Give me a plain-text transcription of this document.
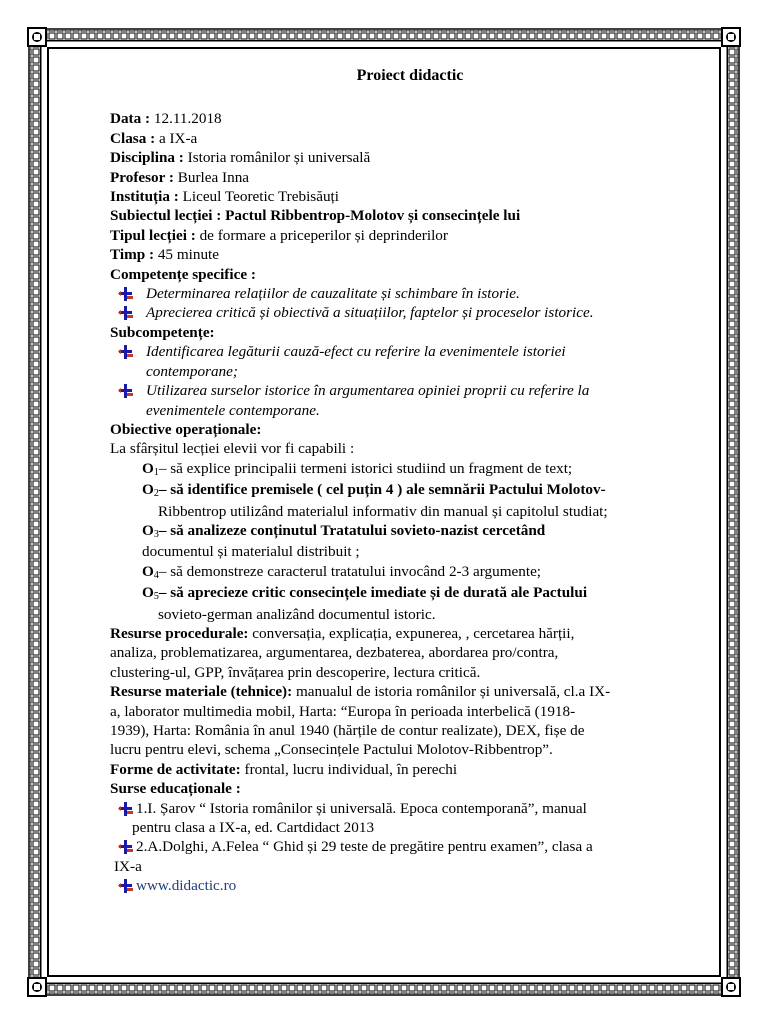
Proiect didactic
Data : 12.11.2018
Clasa : a IX-a
Disciplina : Istoria românilor și universală
Profesor : Burlea Inna
Instituția : Liceul Teoretic Trebisăuți
Subiectul lecției : Pactul Ribbentrop-Molotov și consecințele lui
Tipul lecției : de formare a priceperilor și deprinderilor
Timp : 45 minute
Competențe specifice :
Determinarea relațiilor de cauzalitate și schimbare în istorie.
Aprecierea critică și obiectivă a situațiilor, faptelor și proceselor istorice.
Subcompetențe:
Identificarea legăturii cauză-efect cu referire la evenimentele istoriei
contemporane;
Utilizarea surselor istorice în argumentarea opiniei proprii cu referire la
evenimentele contemporane.
Obiective operaționale:
La sfârșitul lecției elevii vor fi capabili :
$O_1-$ să explice principalii termeni istorici studiind un fragment de text;
$O_2-$ să identifice premisele ( cel puțin 4 ) ale semnării Pactului Molotov-
Ribbentrop utilizând materialul informativ din manual și capitolul studiat;
$O_3-$ să analizeze conținutul Tratatului sovieto-nazist cercetând
documentul și materialul distribuit ;
$O_4-$ să demonstreze caracterul tratatului invocând 2-3 argumente;
$O_5-$ să aprecieze critic consecințele imediate și de durată ale Pactului
sovieto-german analizând documentul istoric.
Resurse procedurale: conversația, explicația, expunerea, , cercetarea hărții,
analiza, problematizarea, argumentarea, dezbaterea, abordarea pro/contra,
clustering-ul, GPP, învățarea prin descoperire, lectura critică.
Resurse materiale (tehnice): manualul de istoria românilor și universală, cl.a IX-
a, laborator multimedia mobil, Harta: “Europa în perioada interbelică (1918-
1939), Harta: România în anul 1940 (hărțile de contur realizate), DEX, fișe de
lucru pentru elevi, schema „Consecințele Pactului Molotov-Ribbentrop”.
Forme de activitate: frontal, lucru individual, în perechi
Surse educaționale :
1.I. Șarov “ Istoria românilor și universală. Epoca contemporană”, manual
pentru clasa a IX-a, ed. Cartdidact 2013
2.A.Dolghi, A.Felea “ Ghid și 29 teste de pregătire pentru examen”, clasa a
IX-a
www.didactic.ro
